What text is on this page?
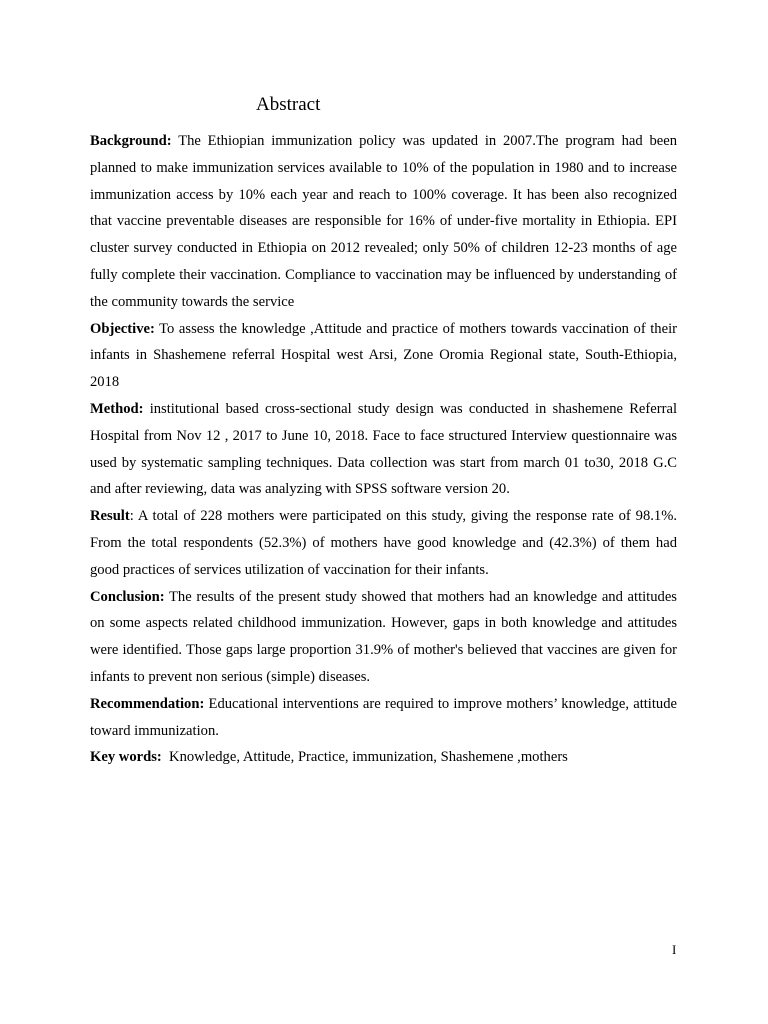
Abstract

Background: The Ethiopian immunization policy was updated in 2007.The program had been planned to make immunization services available to 10% of the population in 1980 and to increase immunization access by 10% each year and reach to 100% coverage. It has been also recognized that vaccine preventable diseases are responsible for 16% of under-five mortality in Ethiopia. EPI cluster survey conducted in Ethiopia on 2012 revealed; only 50% of children 12-23 months of age fully complete their vaccination. Compliance to vaccination may be influenced by understanding of the community towards the service

Objective: To assess the knowledge ,Attitude and practice of mothers towards vaccination of their infants in Shashemene referral Hospital west Arsi, Zone Oromia Regional state, South-Ethiopia, 2018

Method: institutional based cross-sectional study design was conducted in shashemene Referral Hospital from Nov 12 , 2017 to June 10, 2018. Face to face structured Interview questionnaire was used by systematic sampling techniques. Data collection was start from march 01 to30, 2018 G.C and after reviewing, data was analyzing with SPSS software version 20.

Result: A total of 228 mothers were participated on this study, giving the response rate of 98.1%. From the total respondents (52.3%) of mothers have good knowledge and (42.3%) of them had good practices of services utilization of vaccination for their infants.

Conclusion: The results of the present study showed that mothers had an knowledge and attitudes on some aspects related childhood immunization. However, gaps in both knowledge and attitudes were identified. Those gaps large proportion 31.9% of mother's believed that vaccines are given for infants to prevent non serious (simple) diseases.

Recommendation: Educational interventions are required to improve mothers’ knowledge, attitude toward immunization.

Key words:  Knowledge, Attitude, Practice, immunization, Shashemene ,mothers

I
